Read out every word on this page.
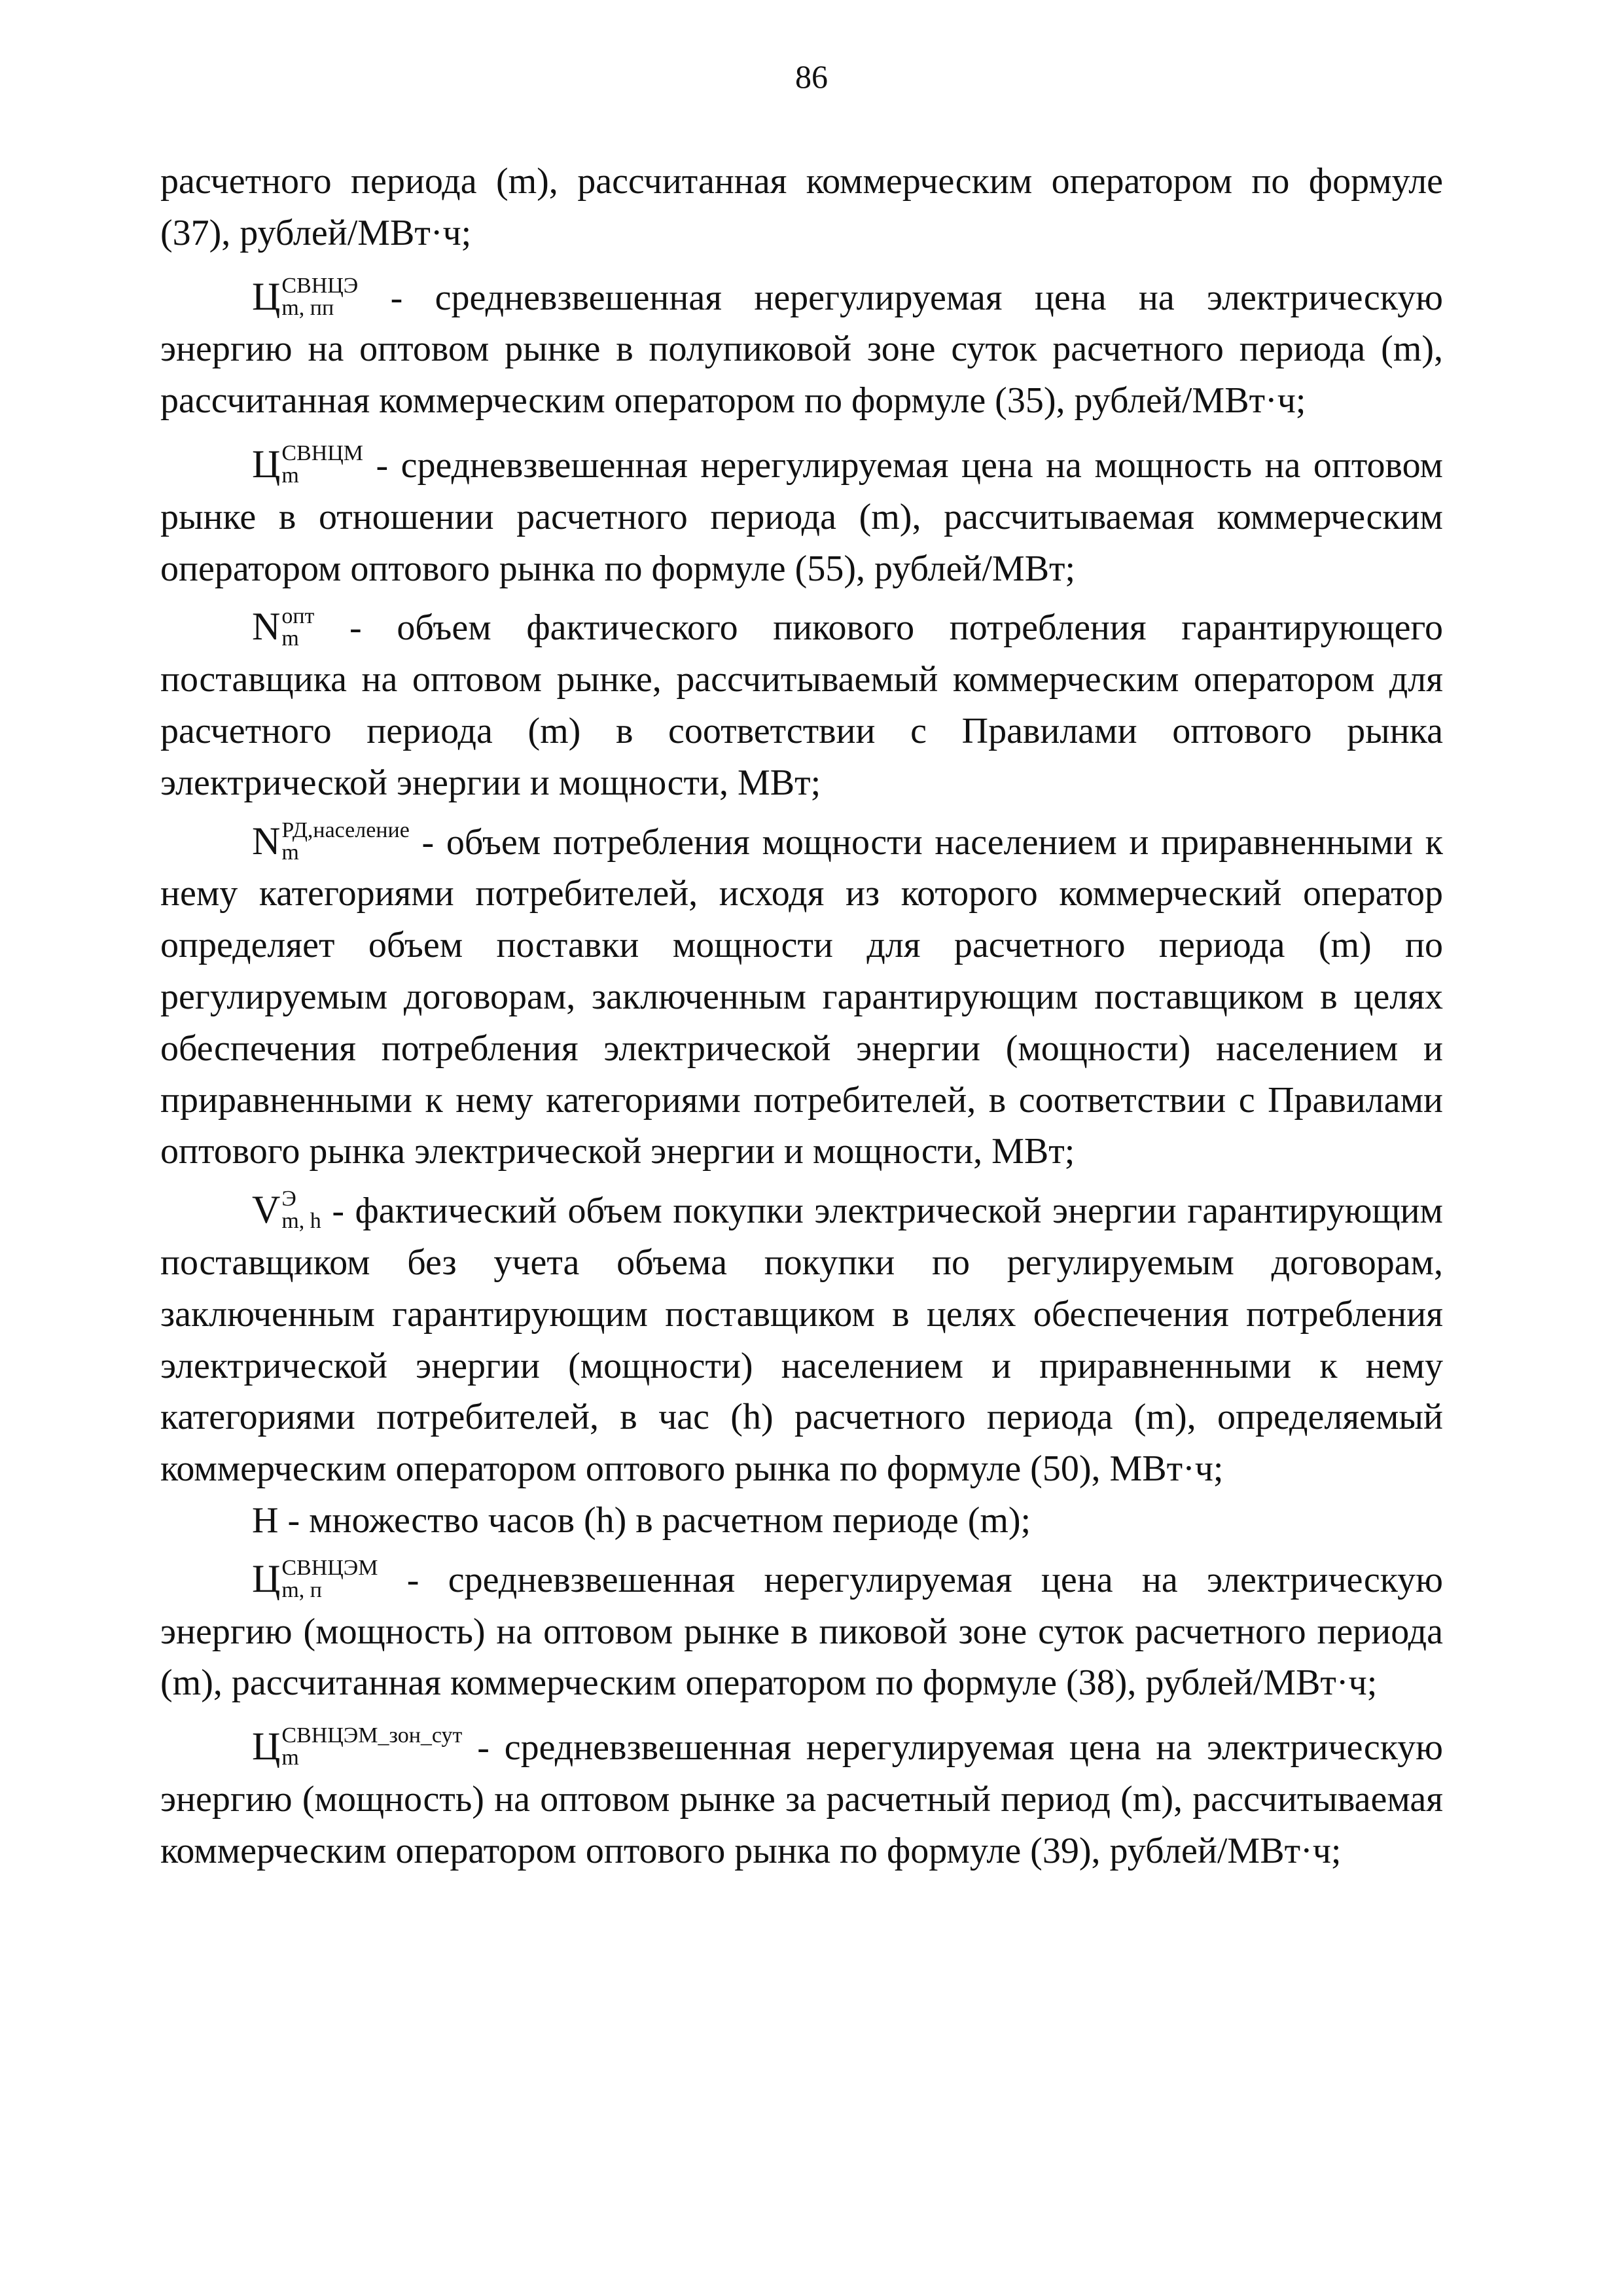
86

расчетного периода (m), рассчитанная коммерческим оператором по формуле (37), рублей/МВт·ч;

Ц СВНЦЭ
m, пп - средневзвешенная нерегулируемая цена на электрическую энергию на оптовом рынке в полупиковой зоне суток расчетного периода (m), рассчитанная коммерческим оператором по формуле (35), рублей/МВт·ч;

Ц СВНЦМ
m	- средневзвешенная нерегулируемая цена на мощность на оптовом рынке в отношении расчетного периода (m), рассчитываемая коммерческим оператором оптового рынка по формуле (55), рублей/МВт;

N опт
m - объем фактического пикового потребления гарантирующего поставщика на оптовом рынке, рассчитываемый коммерческим оператором для расчетного периода (m) в соответствии с Правилами оптового рынка электрической энергии и мощности, МВт;

N РД,население
m	- объем потребления мощности населением и приравненными к нему категориями потребителей, исходя из которого коммерческий оператор определяет объем поставки мощности для расчетного периода (m) по регулируемым договорам, заключенным гарантирующим поставщиком в целях обеспечения потребления электрической энергии (мощности) населением и приравненными к нему категориями потребителей, в соответствии с Правилами оптового рынка электрической энергии и мощности, МВт;

V Э
m, h - фактический объем покупки электрической энергии гарантирующим поставщиком без учета объема покупки по регулируемым договорам, заключенным гарантирующим поставщиком в целях обеспечения потребления электрической энергии (мощности) населением и приравненными к нему категориями потребителей, в час (h) расчетного периода (m), определяемый коммерческим оператором оптового рынка по формуле (50), МВт·ч;

H - множество часов (h) в расчетном периоде (m);

Ц СВНЦЭМ
m, п	- средневзвешенная нерегулируемая цена на электрическую энергию (мощность) на оптовом рынке в пиковой зоне суток расчетного периода (m), рассчитанная коммерческим оператором по формуле (38), рублей/МВт·ч;

Ц СВНЦЭМ_зон_сут
m	- средневзвешенная нерегулируемая цена на электрическую энергию (мощность) на оптовом рынке за расчетный период (m), рассчитываемая коммерческим оператором оптового рынка по формуле (39), рублей/МВт·ч;
